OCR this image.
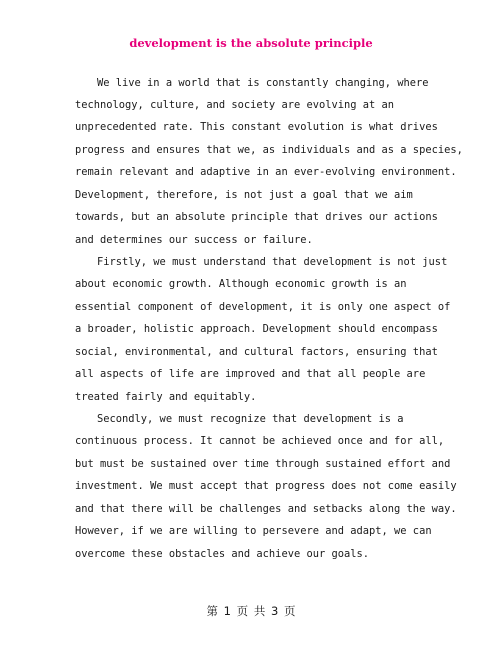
development is the absolute principle
We live in a world that is constantly changing, where
technology, culture, and society are evolving at an
unprecedented rate. This constant evolution is what drives
progress and ensures that we, as individuals and as a species,
remain relevant and adaptive in an ever-evolving environment.
Development, therefore, is not just a goal that we aim
towards, but an absolute principle that drives our actions
and determines our success or failure.
Firstly, we must understand that development is not just
about economic growth. Although economic growth is an
essential component of development, it is only one aspect of
a broader, holistic approach. Development should encompass
social, environmental, and cultural factors, ensuring that
all aspects of life are improved and that all people are
treated fairly and equitably.
Secondly, we must recognize that development is a
continuous process. It cannot be achieved once and for all,
but must be sustained over time through sustained effort and
investment. We must accept that progress does not come easily
and that there will be challenges and setbacks along the way.
However, if we are willing to persevere and adapt, we can
overcome these obstacles and achieve our goals.
第 1 页 共 3 页
